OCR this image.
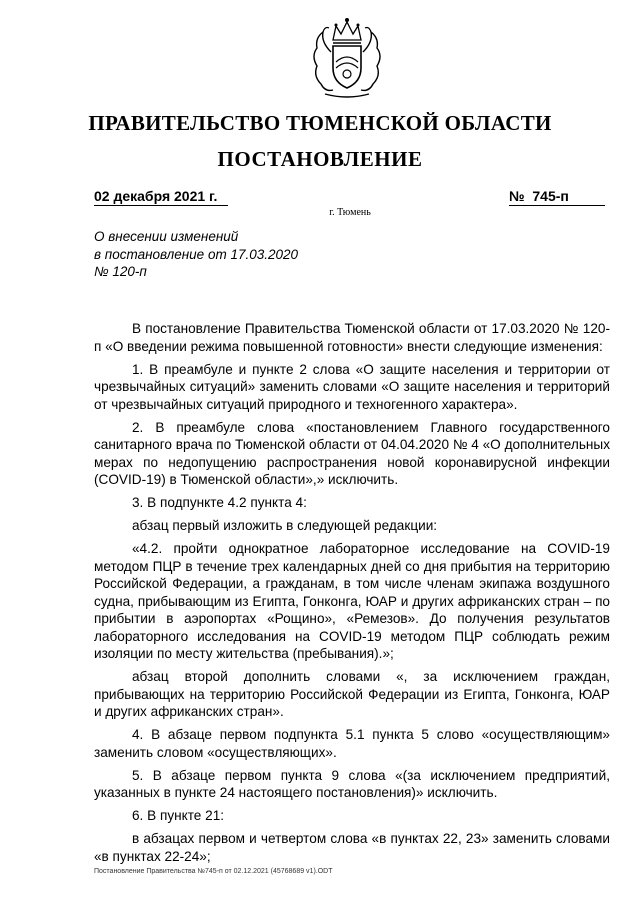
ПРАВИТЕЛЬСТВО ТЮМЕНСКОЙ ОБЛАСТИ
ПОСТАНОВЛЕНИЕ
02 декабря 2021 г.	№  745-п
г. Тюмень
О внесении изменений
в постановление от 17.03.2020
№ 120-п

В постановление Правительства Тюменской области от 17.03.2020 № 120-п «О введении режима повышенной готовности» внести следующие изменения:

1. В преамбуле и пункте 2 слова «О защите населения и территории от чрезвычайных ситуаций» заменить словами «О защите населения и территорий от чрезвычайных ситуаций природного и техногенного характера».

2. В преамбуле слова «постановлением Главного государственного санитарного врача по Тюменской области от 04.04.2020 № 4 «О дополнительных мерах по недопущению распространения новой коронавирусной инфекции (COVID-19) в Тюменской области»,» исключить.

3. В подпункте 4.2 пункта 4:

абзац первый изложить в следующей редакции:

«4.2. пройти однократное лабораторное исследование на COVID-19 методом ПЦР в течение трех календарных дней со дня прибытия на территорию Российской Федерации, а гражданам, в том числе членам экипажа воздушного судна, прибывающим из Египта, Гонконга, ЮАР и других африканских стран – по прибытии в аэропортах «Рощино», «Ремезов». До получения результатов лабораторного исследования на COVID-19 методом ПЦР соблюдать режим изоляции по месту жительства (пребывания).»;

абзац второй дополнить словами «, за исключением граждан, прибывающих на территорию Российской Федерации из Египта, Гонконга, ЮАР и других африканских стран».

4. В абзаце первом подпункта 5.1 пункта 5 слово «осуществляющим» заменить словом «осуществляющих».

5. В абзаце первом пункта 9 слова «(за исключением предприятий, указанных в пункте 24 настоящего постановления)» исключить.

6. В пункте 21:

в абзацах первом и четвертом слова «в пунктах 22, 23» заменить словами «в пунктах 22-24»;

Постановление Правительства №745-п от 02.12.2021 (45768689 v1).ODT
